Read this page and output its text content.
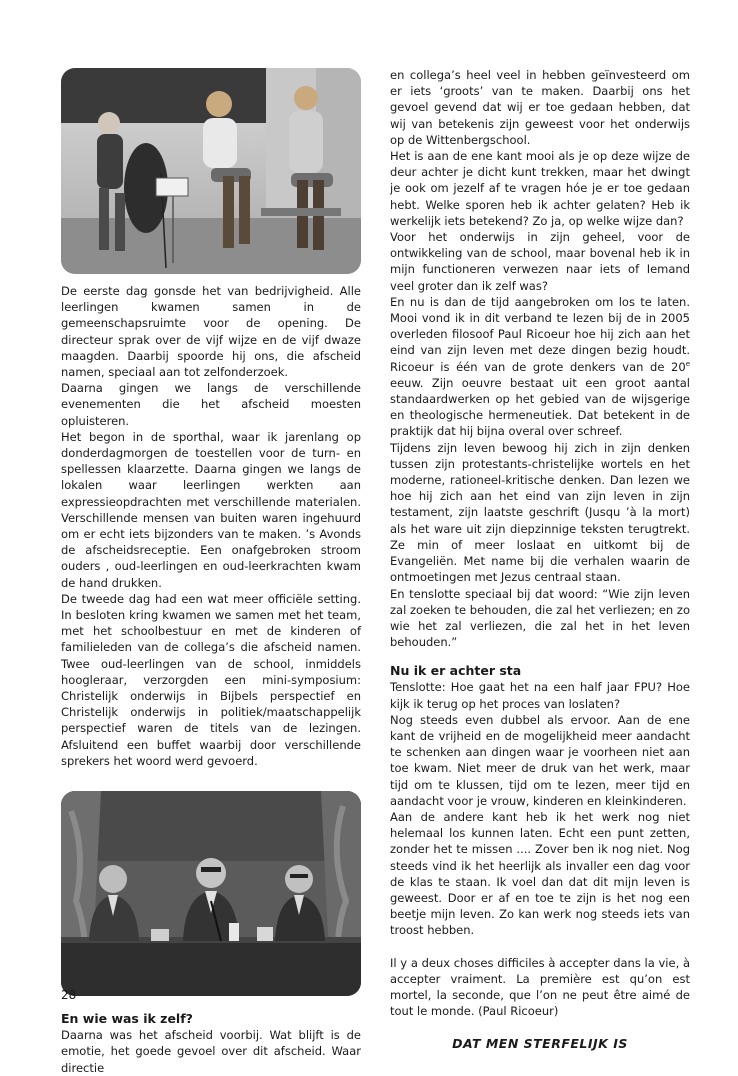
De eerste dag gonsde het van bedrijvigheid. Alle leerlingen kwamen samen in de gemeenschapsruimte voor de opening. De directeur sprak over de vijf wijze en de vijf dwaze maagden. Daarbij spoorde hij ons, die afscheid namen, speciaal aan tot zelfonderzoek.

Daarna gingen we langs de verschillende evenementen die het afscheid moesten opluisteren.

Het begon in de sporthal, waar ik jarenlang op donderdagmorgen de toestellen voor de turn- en spellessen klaarzette. Daarna gingen we langs de lokalen waar leerlingen werkten aan expressieopdrachten met verschillende materialen. Verschillende mensen van buiten waren ingehuurd om er echt iets bijzonders van te maken. ’s Avonds de afscheidsreceptie. Een onafgebroken stroom ouders , oud-leerlingen en oud-leerkrachten kwam de hand drukken.

De tweede dag had een wat meer officiële setting. In besloten kring kwamen we samen met het team, met het schoolbestuur en met de kinderen of familieleden van de collega’s die afscheid namen. Twee oud-leerlingen van de school, inmiddels hoogleraar, verzorgden een mini-symposium: Christelijk onderwijs in Bijbels perspectief en Christelijk onderwijs in politiek/maatschappelijk perspectief waren de titels van de lezingen. Afsluitend een buffet waarbij door verschillende sprekers het woord werd gevoerd.

En wie was ik zelf?

Daarna was het afscheid voorbij. Wat blijft is de emotie, het goede gevoel over dit afscheid. Waar directie

en collega’s heel veel in hebben geïnvesteerd om er iets ‘groots’ van te maken. Daarbij ons het gevoel gevend dat wij er toe gedaan hebben, dat wij van betekenis zijn geweest voor het onderwijs op de Wittenbergschool.

Het is aan de ene kant mooi als je op deze wijze de deur achter je dicht kunt trekken, maar het dwingt je ook om jezelf af te vragen hóe je er toe gedaan hebt. Welke sporen heb ik achter gelaten? Heb ik werkelijk iets betekend? Zo ja, op welke wijze dan?

Voor het onderwijs in zijn geheel, voor de ontwikkeling van de school, maar bovenal heb ik in mijn functioneren verwezen naar iets of Iemand veel groter dan ik zelf was?

En nu is dan de tijd aangebroken om los te laten. Mooi vond ik in dit verband te lezen bij de in 2005 overleden filosoof Paul Ricoeur hoe hij zich aan het eind van zijn leven met deze dingen bezig houdt. Ricoeur is één van de grote denkers van de 20e eeuw. Zijn oeuvre bestaat uit een groot aantal standaardwerken op het gebied van de wijsgerige en theologische hermeneutiek. Dat betekent in de praktijk dat hij bijna overal over schreef.

Tijdens zijn leven bewoog hij zich in zijn denken tussen zijn protestants-christelijke wortels en het moderne, rationeel-kritische denken. Dan lezen we hoe hij zich aan het eind van zijn leven in zijn testament, zijn laatste geschrift (Jusqu ’à la mort) als het ware uit zijn diepzinnige teksten terugtrekt. Ze min of meer loslaat en uitkomt bij de Evangeliën. Met name bij die verhalen waarin de ontmoetingen met Jezus centraal staan.

En tenslotte speciaal bij dat woord: “Wie zijn leven zal zoeken te behouden, die zal het verliezen; en zo wie het zal verliezen, die zal het in het leven behouden.”

Nu ik er achter sta

Tenslotte: Hoe gaat het na een half jaar FPU? Hoe kijk ik terug op het proces van loslaten?

Nog steeds even dubbel als ervoor. Aan de ene kant de vrijheid en de mogelijkheid meer aandacht te schenken aan dingen waar je voorheen niet aan toe kwam. Niet meer de druk van het werk, maar tijd om te klussen, tijd om te lezen, meer tijd en aandacht voor je vrouw, kinderen en kleinkinderen.

Aan de andere kant heb ik het werk nog niet helemaal los kunnen laten. Echt een punt zetten, zonder het te missen .... Zover ben ik nog niet. Nog steeds vind ik het heerlijk als invaller een dag voor de klas te staan. Ik voel dan dat dit mijn leven is geweest. Door er af en toe te zijn is het nog een beetje mijn leven. Zo kan werk nog steeds iets van troost hebben.

Il y a deux choses difficiles à accepter dans la vie, à accepter vraiment. La première est qu’on est mortel, la seconde, que l’on ne peut être aimé de tout le monde. (Paul Ricoeur)

DAT MEN STERFELIJK IS
28
